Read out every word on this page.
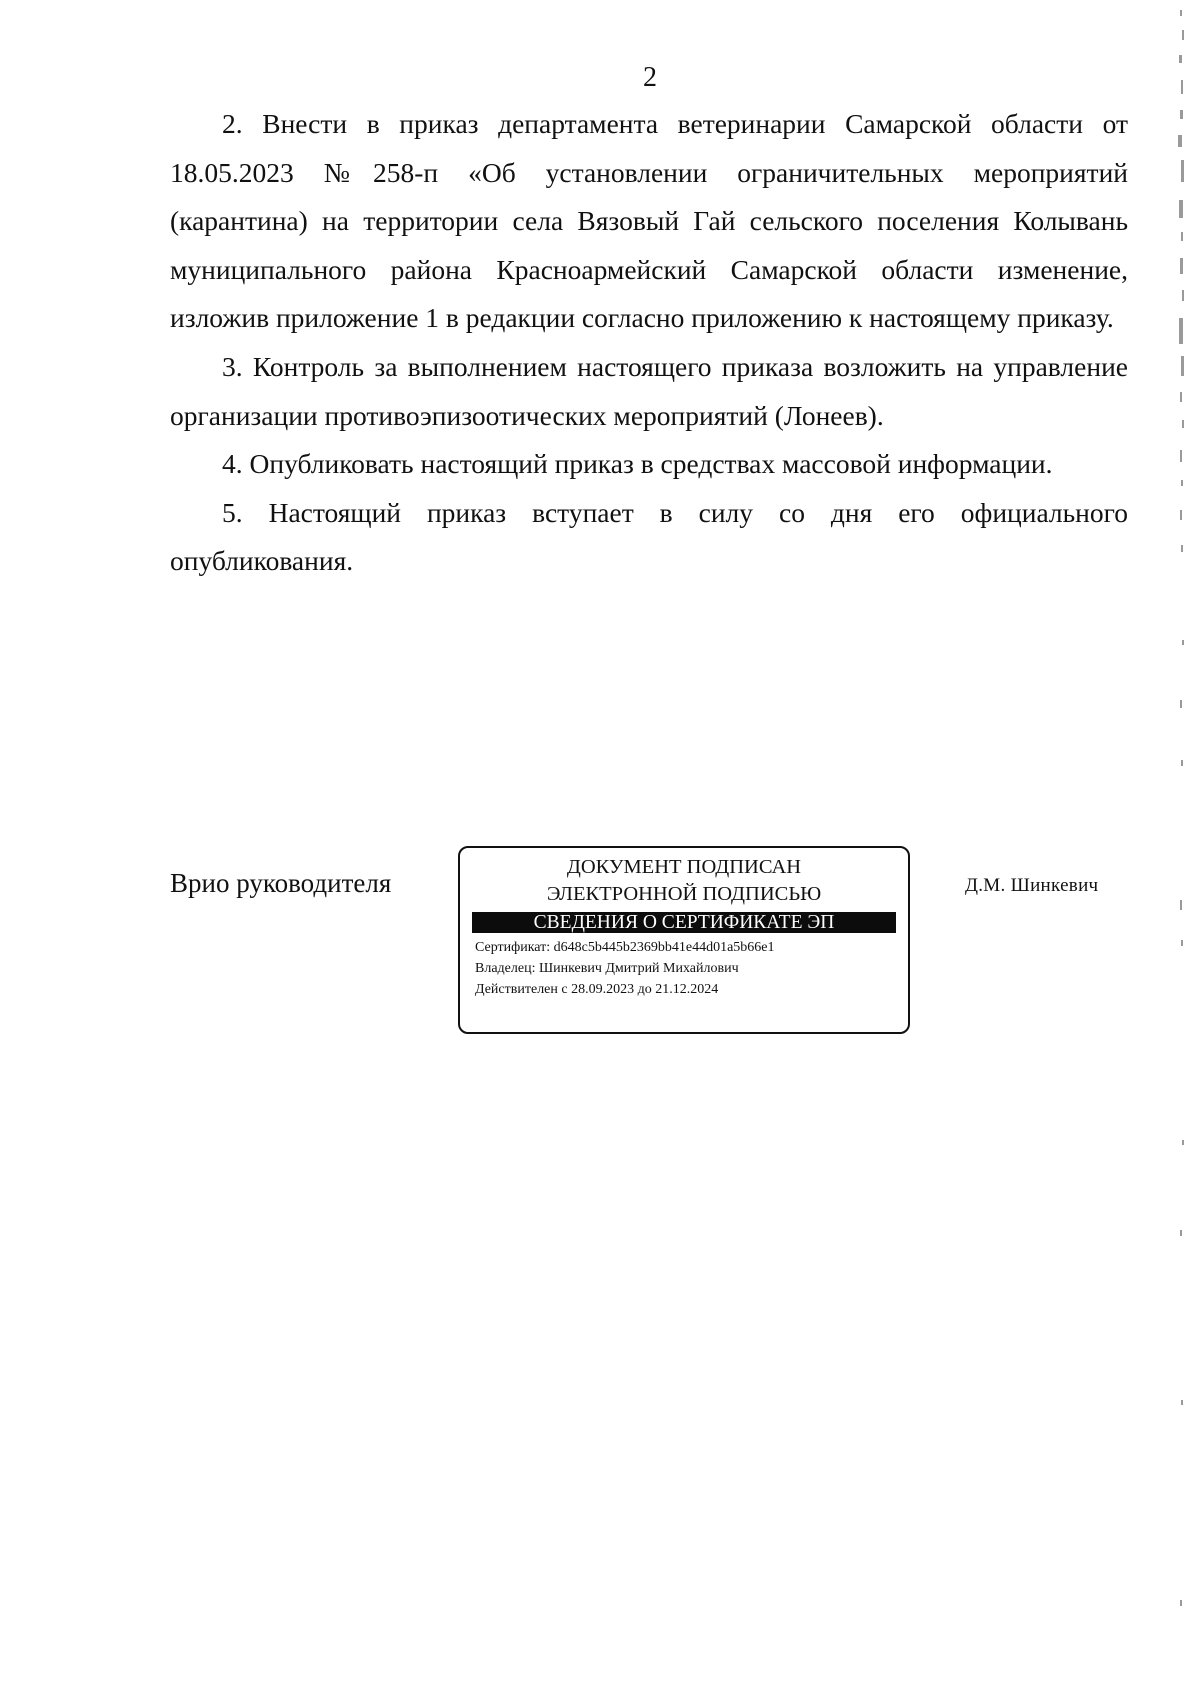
2

2. Внести в приказ департамента ветеринарии Самарской области от 18.05.2023 №258-п «Об установлении ограничительных мероприятий (карантина) на территории села Вязовый Гай сельского поселения Колывань муниципального района Красноармейский Самарской области изменение, изложив приложение 1 в редакции согласно приложению к настоящему приказу.

3. Контроль за выполнением настоящего приказа возложить на управление организации противоэпизоотических мероприятий (Лонеев).

4. Опубликовать настоящий приказ в средствах массовой информации.

5. Настоящий приказ вступает в силу со дня его официального опубликования.

Врио руководителя
ДОКУМЕНТ ПОДПИСАН
ЭЛЕКТРОННОЙ ПОДПИСЬЮ
СВЕДЕНИЯ О СЕРТИФИКАТЕ ЭП
Сертификат: d648c5b445b2369bb41e44d01a5b66e1
Владелец: Шинкевич Дмитрий Михайлович
Действителен с 28.09.2023 до 21.12.2024
Д.М. Шинкевич
